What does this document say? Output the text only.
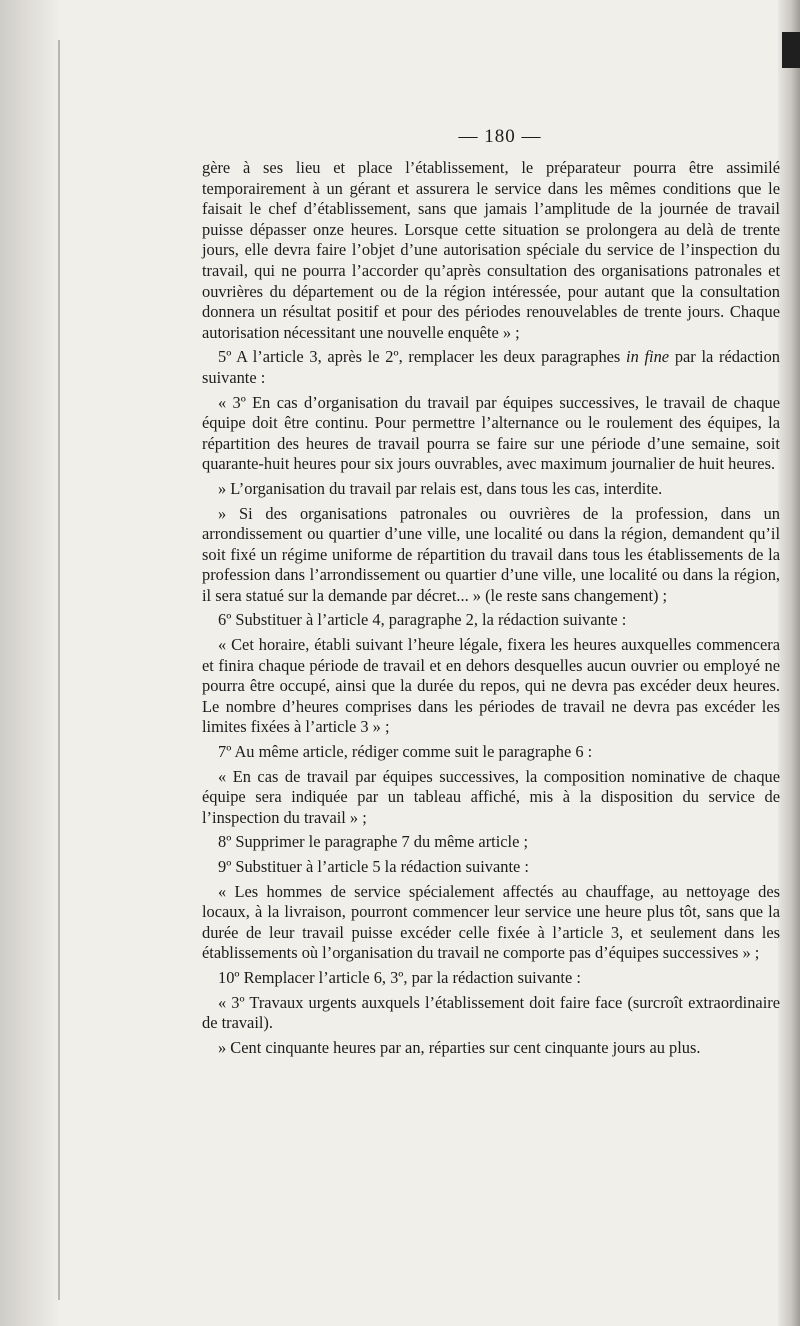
— 180 —

gère à ses lieu et place l’établissement, le préparateur pourra être assimilé temporairement à un gérant et assurera le service dans les mêmes conditions que le faisait le chef d’établissement, sans que jamais l’amplitude de la journée de travail puisse dépasser onze heures. Lorsque cette situation se prolongera au delà de trente jours, elle devra faire l’objet d’une autorisation spéciale du service de l’inspection du travail, qui ne pourra l’accorder qu’après consultation des organisations patronales et ouvrières du département ou de la région intéressée, pour autant que la consultation donnera un résultat positif et pour des périodes renouvelables de trente jours. Chaque autorisation nécessitant une nouvelle enquête » ;

5º A l’article 3, après le 2º, remplacer les deux paragraphes in fine par la rédaction suivante :

« 3º En cas d’organisation du travail par équipes successives, le travail de chaque équipe doit être continu. Pour permettre l’alternance ou le roulement des équipes, la répartition des heures de travail pourra se faire sur une période d’une semaine, soit quarante-huit heures pour six jours ouvrables, avec maximum journalier de huit heures.

» L’organisation du travail par relais est, dans tous les cas, interdite.

» Si des organisations patronales ou ouvrières de la profession, dans un arrondissement ou quartier d’une ville, une localité ou dans la région, demandent qu’il soit fixé un régime uniforme de répartition du travail dans tous les établissements de la profession dans l’arrondissement ou quartier d’une ville, une localité ou dans la région, il sera statué sur la demande par décret... » (le reste sans changement) ;

6º Substituer à l’article 4, paragraphe 2, la rédaction suivante :

« Cet horaire, établi suivant l’heure légale, fixera les heures auxquelles commencera et finira chaque période de travail et en dehors desquelles aucun ouvrier ou employé ne pourra être occupé, ainsi que la durée du repos, qui ne devra pas excéder deux heures. Le nombre d’heures comprises dans les périodes de travail ne devra pas excéder les limites fixées à l’article 3 » ;

7º Au même article, rédiger comme suit le paragraphe 6 :

« En cas de travail par équipes successives, la composition nominative de chaque équipe sera indiquée par un tableau affiché, mis à la disposition du service de l’inspection du travail » ;

8º Supprimer le paragraphe 7 du même article ;

9º Substituer à l’article 5 la rédaction suivante :

« Les hommes de service spécialement affectés au chauffage, au nettoyage des locaux, à la livraison, pourront commencer leur service une heure plus tôt, sans que la durée de leur travail puisse excéder celle fixée à l’article 3, et seulement dans les établissements où l’organisation du travail ne comporte pas d’équipes successives » ;

10º Remplacer l’article 6, 3º, par la rédaction suivante :

« 3º Travaux urgents auxquels l’établissement doit faire face (surcroît extraordinaire de travail).

» Cent cinquante heures par an, réparties sur cent cinquante jours au plus.
